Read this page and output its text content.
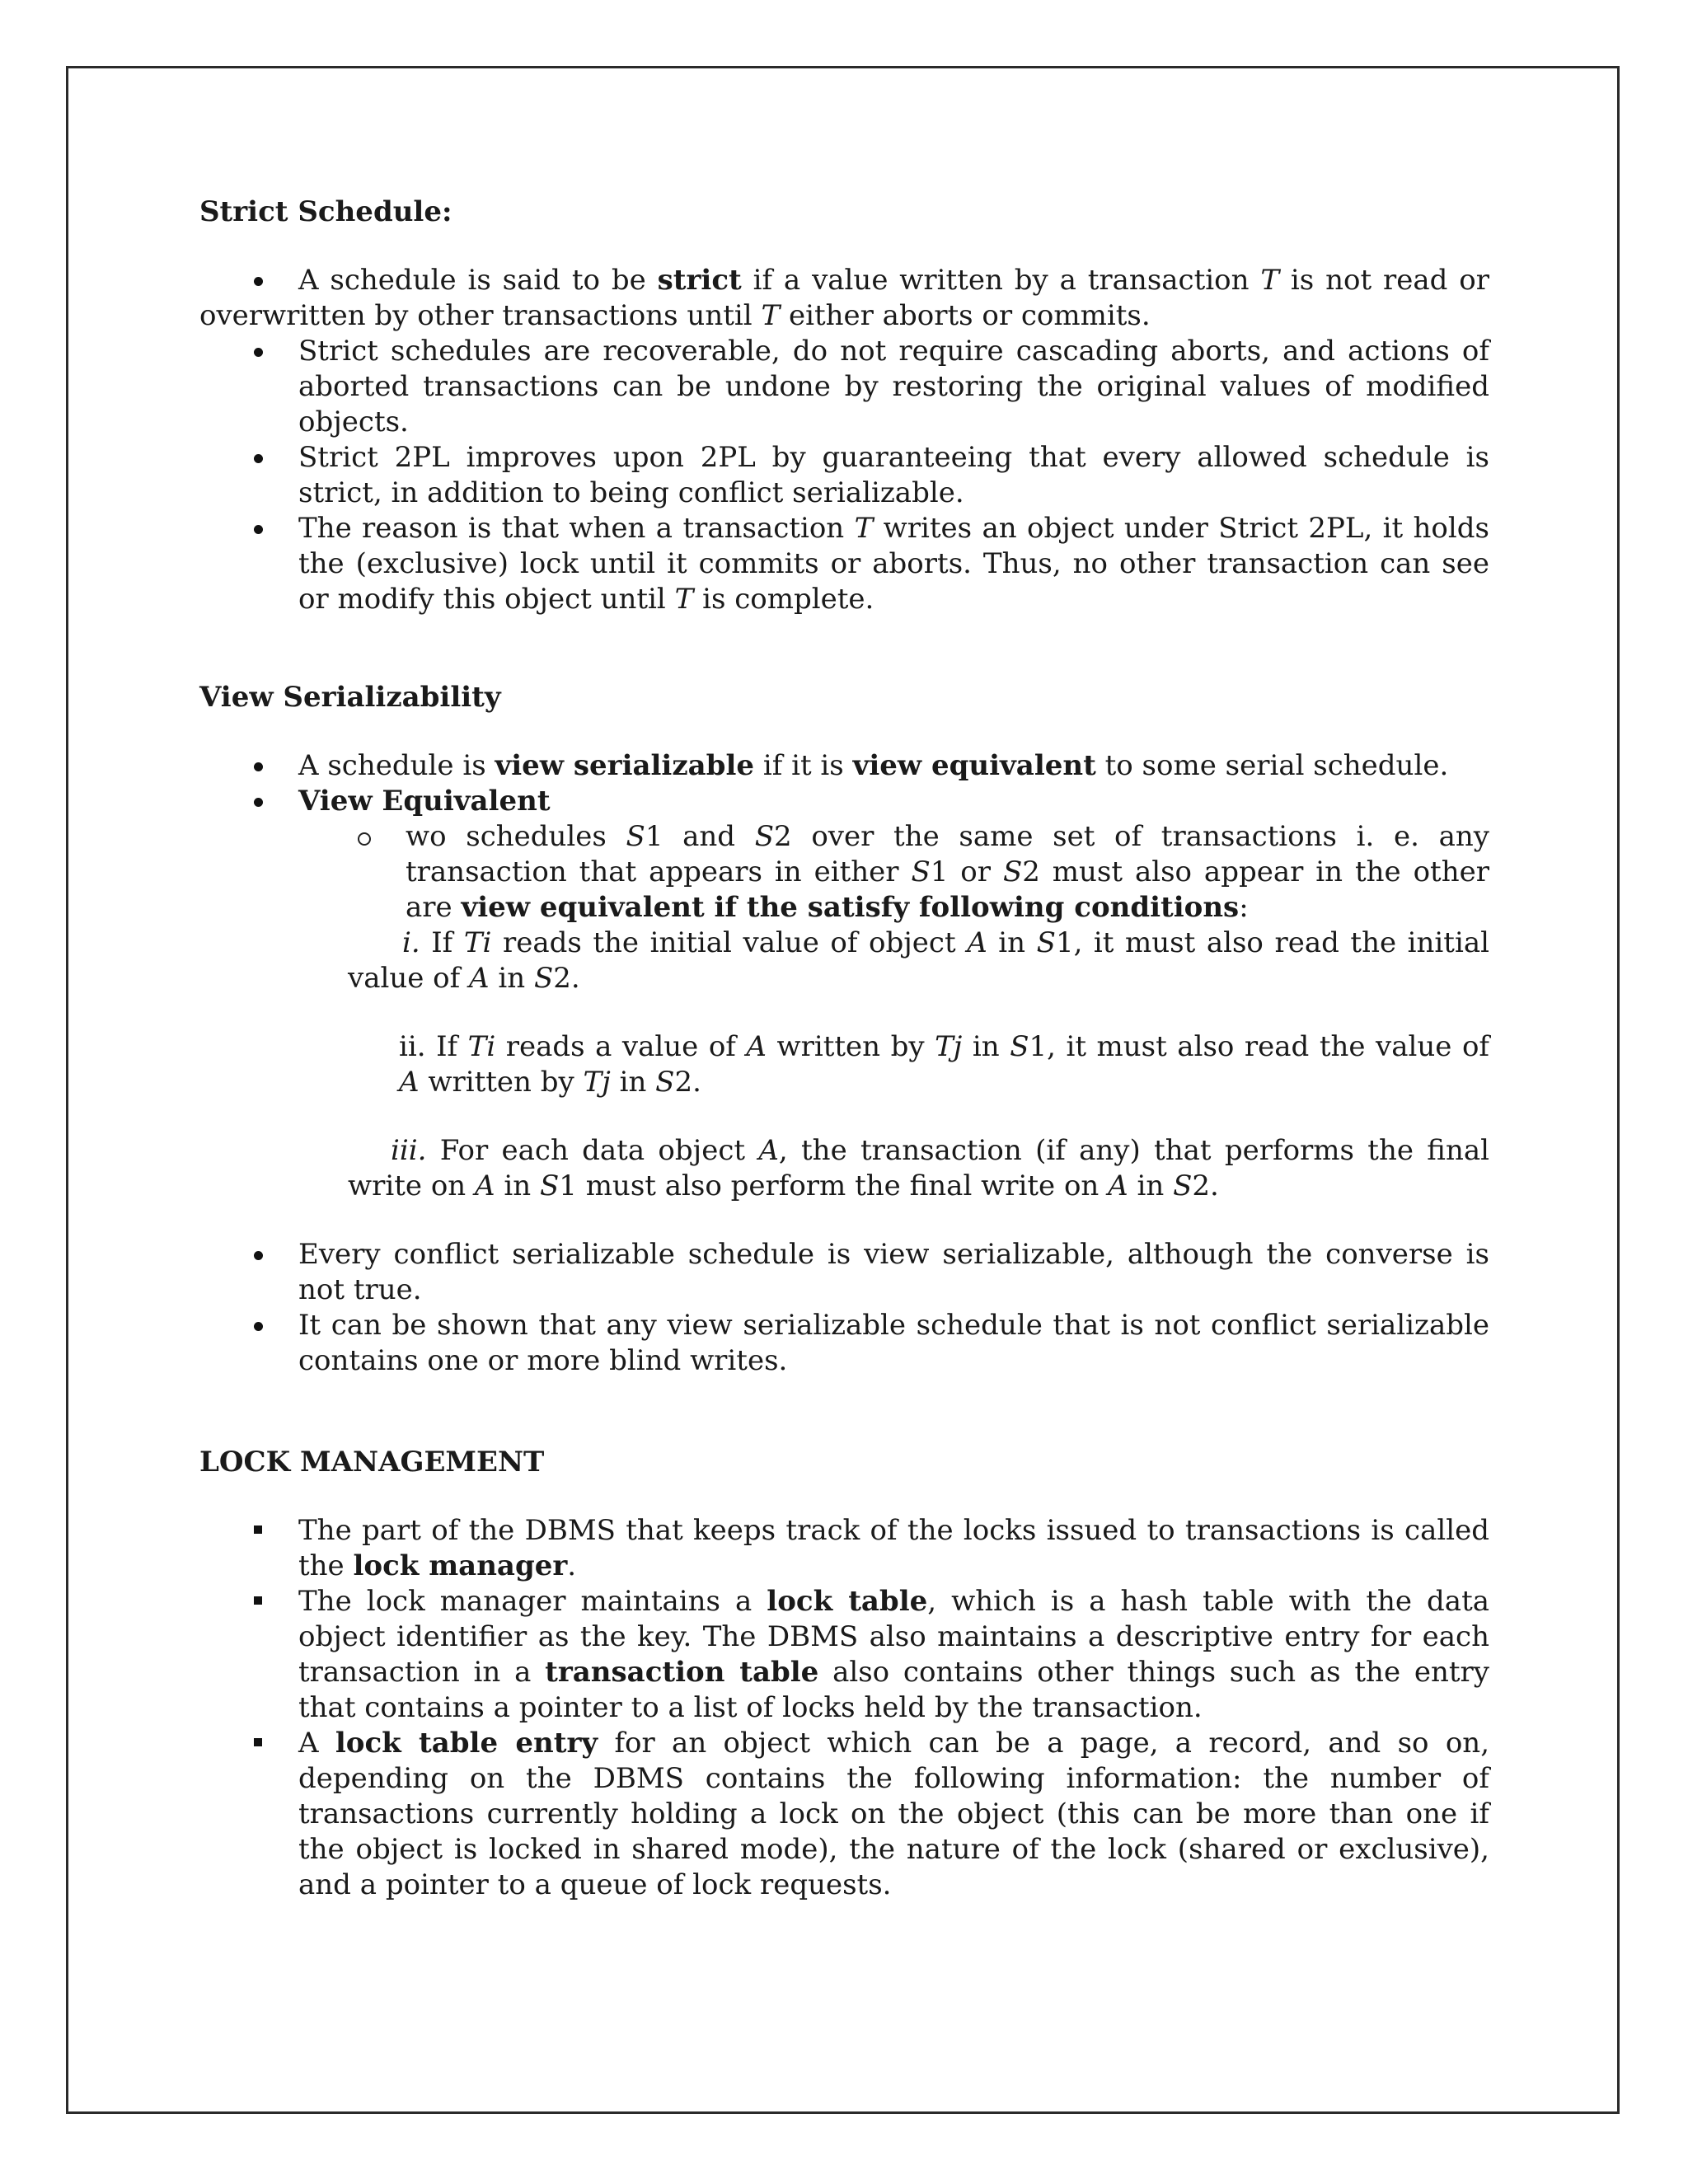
Strict Schedule:

A schedule is said to be strict if a value written by a transaction T is not read or overwritten by other transactions until T either aborts or commits.
Strict schedules are recoverable, do not require cascading aborts, and actions of aborted transactions can be undone by restoring the original values of modified objects.
Strict 2PL improves upon 2PL by guaranteeing that every allowed schedule is strict, in addition to being conflict serializable.
The reason is that when a transaction T writes an object under Strict 2PL, it holds the (exclusive) lock until it commits or aborts. Thus, no other transaction can see or modify this object until T is complete.

View Serializability

A schedule is view serializable if it is view equivalent to some serial schedule.
View Equivalent
wo schedules S1 and S2 over the same set of transactions i. e. any transaction that appears in either S1 or S2 must also appear in the other are view equivalent if the satisfy following conditions:
i. If Ti reads the initial value of object A in S1, it must also read the initial value of A in S2.
ii. If Ti reads a value of A written by Tj in S1, it must also read the value of A written by Tj in S2.
iii. For each data object A, the transaction (if any) that performs the final write on A in S1 must also perform the final write on A in S2.
Every conflict serializable schedule is view serializable, although the converse is not true.
It can be shown that any view serializable schedule that is not conflict serializable contains one or more blind writes.

LOCK MANAGEMENT

The part of the DBMS that keeps track of the locks issued to transactions is called the lock manager.
The lock manager maintains a lock table, which is a hash table with the data object identifier as the key. The DBMS also maintains a descriptive entry for each transaction in a transaction table also contains other things such as the entry that contains a pointer to a list of locks held by the transaction.
A lock table entry for an object which can be a page, a record, and so on, depending on the DBMS contains the following information: the number of transactions currently holding a lock on the object (this can be more than one if the object is locked in shared mode), the nature of the lock (shared or exclusive), and a pointer to a queue of lock requests.
